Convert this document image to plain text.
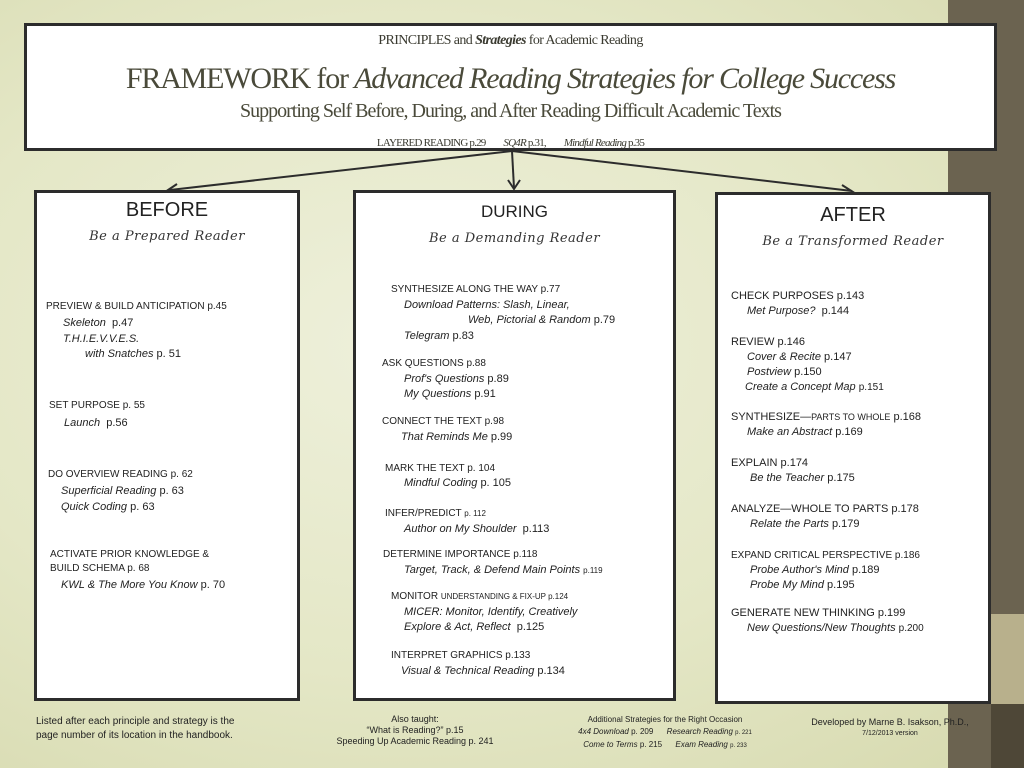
PRINCIPLES and Strategies for Academic Reading
FRAMEWORK for Advanced Reading Strategies for College Success
Supporting Self Before, During, and After Reading Difficult Academic Texts
LAYERED READING p.29 SQ4R p.31, Mindful Reading p.35
BEFORE
Be a Prepared Reader
PREVIEW & BUILD ANTICIPATION p.45
Skeleton p.47
T.H.I.E.V.V.E.S.
with Snatches p. 51
SET PURPOSE p. 55
Launch p.56
DO OVERVIEW READING p. 62
Superficial Reading p. 63
Quick Coding p. 63
ACTIVATE PRIOR KNOWLEDGE &
BUILD SCHEMA p. 68
KWL & The More You Know p. 70
DURING
Be a Demanding Reader
SYNTHESIZE ALONG THE WAY p.77
Download Patterns: Slash, Linear,
Web, Pictorial & Random p.79
Telegram p.83
ASK QUESTIONS p.88
Prof's Questions p.89
My Questions p.91
CONNECT THE TEXT p.98
That Reminds Me p.99
MARK THE TEXT p. 104
Mindful Coding p. 105
INFER/PREDICT p. 112
Author on My Shoulder p.113
DETERMINE IMPORTANCE p.118
Target, Track, & Defend Main Points p.119
MONITOR UNDERSTANDING & FIX-UP p.124
MICER: Monitor, Identify, Creatively
Explore & Act, Reflect p.125
INTERPRET GRAPHICS p.133
Visual & Technical Reading p.134
AFTER
Be a Transformed Reader
CHECK PURPOSES p.143
Met Purpose? p.144
REVIEW p.146
Cover & Recite p.147
Postview p.150
Create a Concept Map p.151
SYNTHESIZE—PARTS TO WHOLE p.168
Make an Abstract p.169
EXPLAIN p.174
Be the Teacher p.175
ANALYZE—WHOLE TO PARTS p.178
Relate the Parts p.179
EXPAND CRITICAL PERSPECTIVE p.186
Probe Author's Mind p.189
Probe My Mind p.195
GENERATE NEW THINKING p.199
New Questions/New Thoughts p.200
Listed after each principle and strategy is the
page number of its location in the handbook.
Also taught:
“What is Reading?” p.15
Speeding Up Academic Reading p. 241
Additional Strategies for the Right Occasion
4x4 Download p. 209 Research Reading p. 221
Come to Terms p. 215 Exam Reading p. 233
Developed by Marne B. Isakson, Ph.D.,
7/12/2013 version
